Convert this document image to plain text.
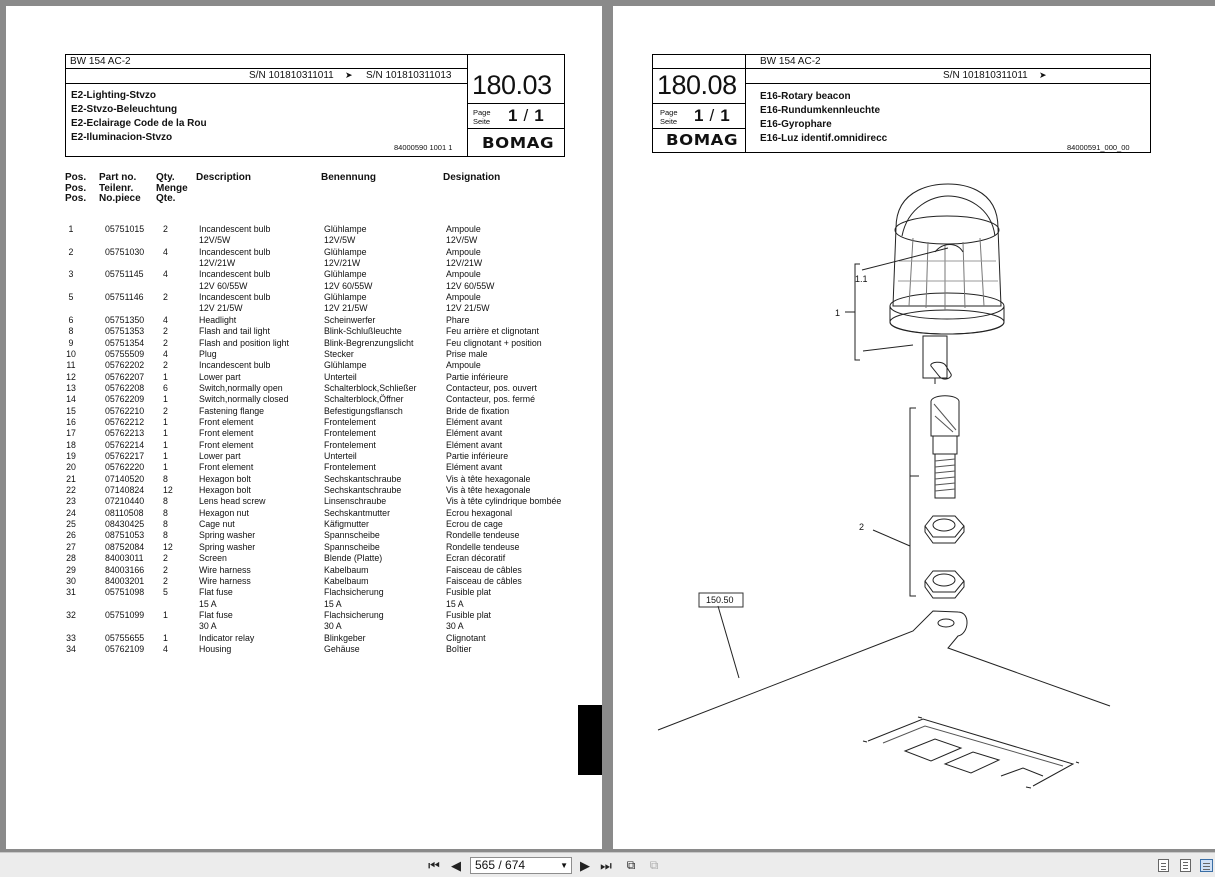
BW 154 AC-2
S/N 101810311011 ➤ S/N 101810311013 180.03
Page
Seite 1 / 1
BOMAG
E2-Lighting-Stvzo
E2-Stvzo-Beleuchtung
E2-Eclairage Code de la Rou
E2-Iluminacion-Stvzo
84000590 1001 1
Pos.
Pos.
Pos.
Part no.
Teilenr.
No.piece
Qty.
Menge
Qte.
Description	Benennung	Designation
1	05751015 2	Incandescent bulb	Glühlampe	Ampoule
12V/5W	12V/5W	12V/5W
2	05751030 4	Incandescent bulb	Glühlampe	Ampoule
12V/21W	12V/21W	12V/21W
3	05751145 4	Incandescent bulb	Glühlampe	Ampoule
12V 60/55W	12V 60/55W	12V 60/55W
5	05751146 2	Incandescent bulb	Glühlampe	Ampoule
12V 21/5W	12V 21/5W	12V 21/5W
6	05751350 4	Headlight	Scheinwerfer	Phare
8	05751353 2	Flash and tail light	Blink-Schlußleuchte	Feu arrière et clignotant
9	05751354 2	Flash and position light	Blink-Begrenzungslicht	Feu clignotant + position
10	05755509 4	Plug	Stecker	Prise male
11	05762202 2	Incandescent bulb	Glühlampe	Ampoule
12	05762207 1	Lower part	Unterteil	Partie inférieure
13	05762208 6	Switch,normally open	Schalterblock,Schließer	Contacteur, pos. ouvert
14	05762209 1	Switch,normally closed	Schalterblock,Öffner	Contacteur, pos. fermé
15	05762210 2	Fastening flange	Befestigungsflansch	Bride de fixation
16	05762212 1	Front element	Frontelement	Elément avant
17	05762213 1	Front element	Frontelement	Elément avant
18	05762214 1	Front element	Frontelement	Elément avant
19	05762217 1	Lower part	Unterteil	Partie inférieure
20	05762220 1	Front element	Frontelement	Elément avant
21	07140520 8	Hexagon bolt	Sechskantschraube	Vis à tête hexagonale
22	07140824 12	Hexagon bolt	Sechskantschraube	Vis à tête hexagonale
23	07210440 8	Lens head screw	Linsenschraube	Vis à tête cylindrique bombée
24	08110508 8	Hexagon nut	Sechskantmutter	Ecrou hexagonal
25	08430425 8	Cage nut	Käfigmutter	Ecrou de cage
26	08751053 8	Spring washer	Spannscheibe	Rondelle tendeuse
27	08752084 12	Spring washer	Spannscheibe	Rondelle tendeuse
28	84003011 2	Screen	Blende (Platte)	Ecran décoratif
29	84003166 2	Wire harness	Kabelbaum	Faisceau de câbles
30	84003201 2	Wire harness	Kabelbaum	Faisceau de câbles
31	05751098 5	Flat fuse	Flachsicherung	Fusible plat
15 A	15 A	15 A
32	05751099 1	Flat fuse	Flachsicherung	Fusible plat
30 A	30 A	30 A
33	05755655 1	Indicator relay	Blinkgeber	Clignotant
34	05762109 4	Housing	Gehäuse	Boîtier
BW 154 AC-2
S/N 101810311011 ➤
180.08
Page
Seite 1 / 1
BOMAG
E16-Rotary beacon
E16-Rundumkennleuchte
E16-Gyrophare
E16-Luz identif.omnidirecc
84000591_000_00
1.1
1
2
150.50
⏮ ◀	565 / 674	▼ ▶ ⏭	⧉	⧉
